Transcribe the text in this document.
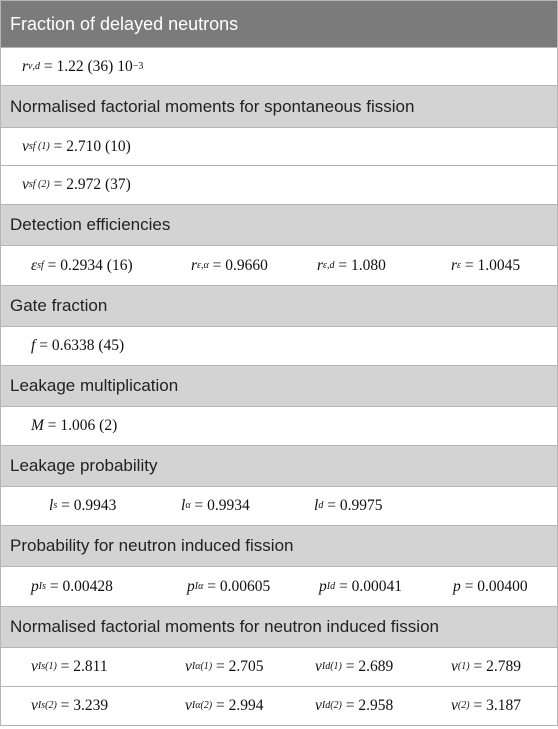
Fraction of delayed neutrons
r ν,d = 1.22 (36) 10 −3
Normalised factorial moments for spontaneous fission
ν sf (1) = 2.710 (10)
ν sf (2) = 2.972 (37)
Detection efficiencies
ε sf = 0.2934 (16)	r ε,α = 0.9660	r ε,d = 1.080	r ε = 1.0045
Gate fraction
f = 0.6338 (45)
Leakage multiplication
M = 1.006 (2)
Leakage probability
l s = 0.9943	l α = 0.9934	l d = 0.9975
Probability for neutron induced fission
p Is = 0.00428	p Iα = 0.00605	p Id = 0.00041	p = 0.00400
Normalised factorial moments for neutron induced fission
ν Is(1) = 2.811	ν Iα(1) = 2.705	ν Id(1) = 2.689	ν (1) = 2.789
ν Is(2) = 3.239	ν Iα(2) = 2.994	ν Id(2) = 2.958	ν (2) = 3.187
